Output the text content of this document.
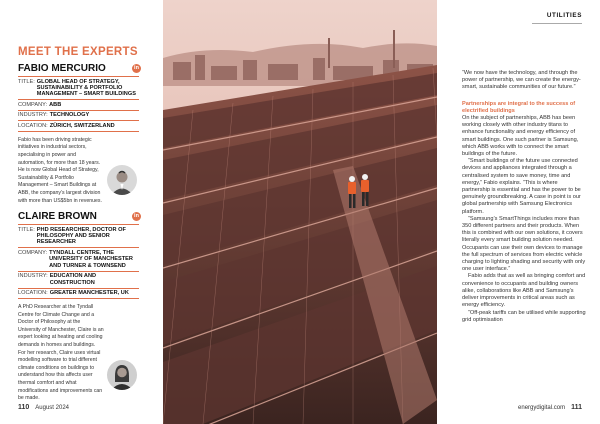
MEET THE EXPERTS
FABIO MERCURIO	in
TITLE: GLOBAL HEAD OF STRATEGY, SUSTAINABILITY & PORTFOLIO MANAGEMENT – SMART BUILDINGS
COMPANY: ABB
INDUSTRY: TECHNOLOGY
LOCATION: ZÜRICH, SWITZERLAND
Fabio has been driving strategic initiatives in industrial sectors, specialising in power and automation, for more than 18 years. He is now Global Head of Strategy, Sustainability & Portfolio Management – Smart Buildings at ABB, the company’s largest division with more than US$5bn in revenues.
CLAIRE BROWN	in
TITLE: PHD RESEARCHER, DOCTOR OF PHILOSOPHY AND SENIOR RESEARCHER
COMPANY: TYNDALL CENTRE, THE UNIVERSITY OF MANCHESTER AND TURNER & TOWNSEND
INDUSTRY: EDUCATION AND CONSTRUCTION
LOCATION: GREATER MANCHESTER, UK
A PhD Researcher at the Tyndall Centre for Climate Change and a Doctor of Philosophy at the University of Manchester, Claire is an expert looking at heating and cooling demands in homes and buildings. For her research, Claire uses virtual modelling software to trial different climate conditions on buildings to understand how this affects user thermal comfort and what modifications and improvements can be made.
110 August 2024
UTILITIES

“We now have the technology, and through the power of partnership, we can create the energy-smart, sustainable communities of our future.”

Partnerships are integral to the success of electrified buildings

On the subject of partnerships, ABB has been working closely with other industry titans to enhance functionality and energy efficiency of smart buildings. One such partner is Samsung, which ABB works with to connect the smart buildings of the future.

“Smart buildings of the future use connected devices and appliances integrated through a centralised system to save money, time and energy,” Fabio explains. “This is where partnership is essential and has the power to be genuinely groundbreaking. A case in point is our global partnership with Samsung Electronics platform.

“Samsung’s SmartThings includes more than 350 different partners and their products. When this is combined with our own solutions, it covers literally every smart building solution needed. Occupants can use their own devices to manage the full spectrum of services from electric vehicle charging to lighting shading and security with only one user interface.”

Fabio adds that as well as bringing comfort and convenience to occupants and building owners alike, collaborations like ABB and Samsung’s deliver improvements in critical areas such as energy efficiency.

“Off-peak tariffs can be utilised while supporting grid optimisation

energydigital.com 111
